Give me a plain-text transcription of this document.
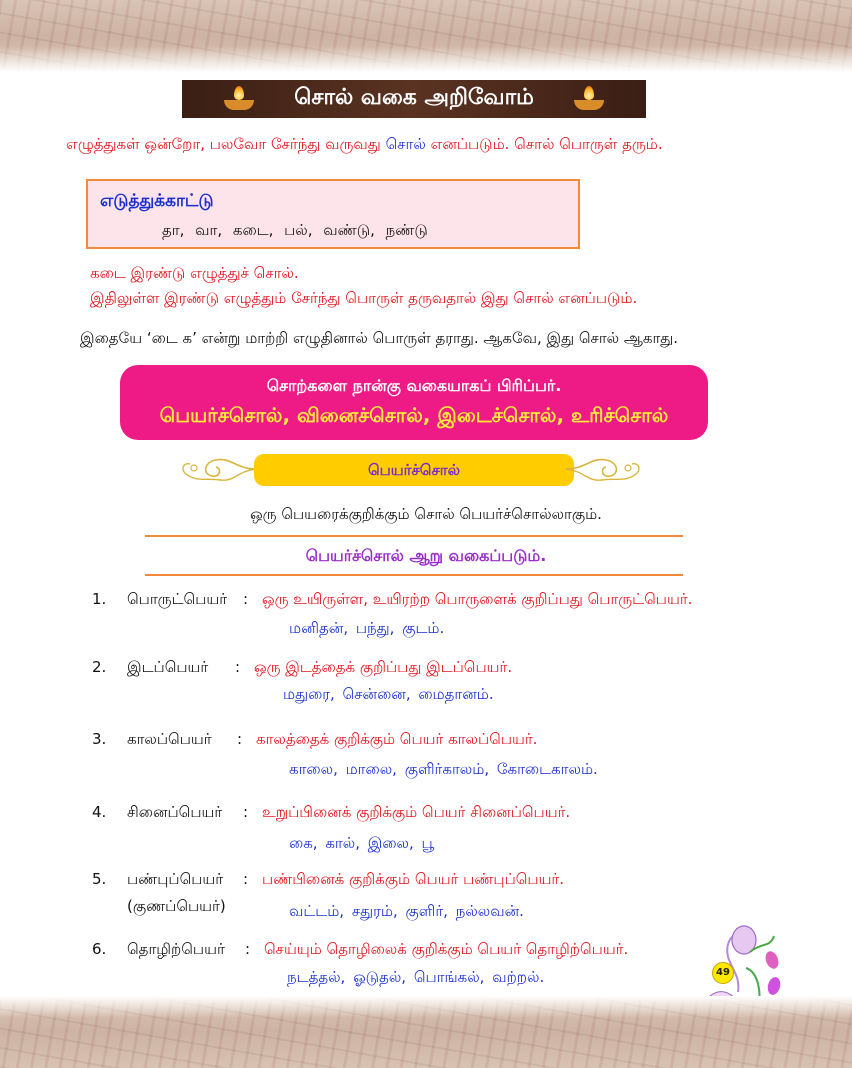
சொல் வகை அறிவோம்

எழுத்துகள் ஒன்றோ, பலவோ சேர்ந்து வருவது சொல் எனப்படும். சொல் பொருள் தரும்.

எடுத்துக்காட்டு
தா, வா, கடை, பல், வண்டு, நண்டு

கடை இரண்டு எழுத்துச் சொல்.

இதிலுள்ள இரண்டு எழுத்தும் சேர்ந்து பொருள் தருவதால் இது சொல் எனப்படும்.

இதையே ‘டை க’ என்று மாற்றி எழுதினால் பொருள் தராது. ஆகவே, இது சொல் ஆகாது.

சொற்களை நான்கு வகையாகப் பிரிப்பர்.
பெயர்ச்சொல், வினைச்சொல், இடைச்சொல், உரிச்சொல்
பெயர்ச்சொல்

ஒரு பெயரைக்குறிக்கும் சொல் பெயர்ச்சொல்லாகும்.

பெயர்ச்சொல் ஆறு வகைப்படும்.

1. பொருட்பெயர் : ஒரு உயிருள்ள, உயிரற்ற பொருளைக் குறிப்பது பொருட்பெயர்.
மனிதன், பந்து, குடம்.
2. இடப்பெயர் : ஒரு இடத்தைக் குறிப்பது இடப்பெயர்.
மதுரை, சென்னை, மைதானம்.
3. காலப்பெயர் : காலத்தைக் குறிக்கும் பெயர் காலப்பெயர்.
காலை, மாலை, குளிர்காலம், கோடைகாலம்.
4. சினைப்பெயர் : உறுப்பினைக் குறிக்கும் பெயர் சினைப்பெயர்.
கை, கால், இலை, பூ
5. பண்புப்பெயர்
(குணப்பெயர்)
: பண்பினைக் குறிக்கும் பெயர் பண்புப்பெயர்.
வட்டம், சதுரம், குளிர், நல்லவன்.
6. தொழிற்பெயர் : செய்யும் தொழிலைக் குறிக்கும் பெயர் தொழிற்பெயர்.
நடத்தல், ஓடுதல், பொங்கல், வற்றல்.	49
